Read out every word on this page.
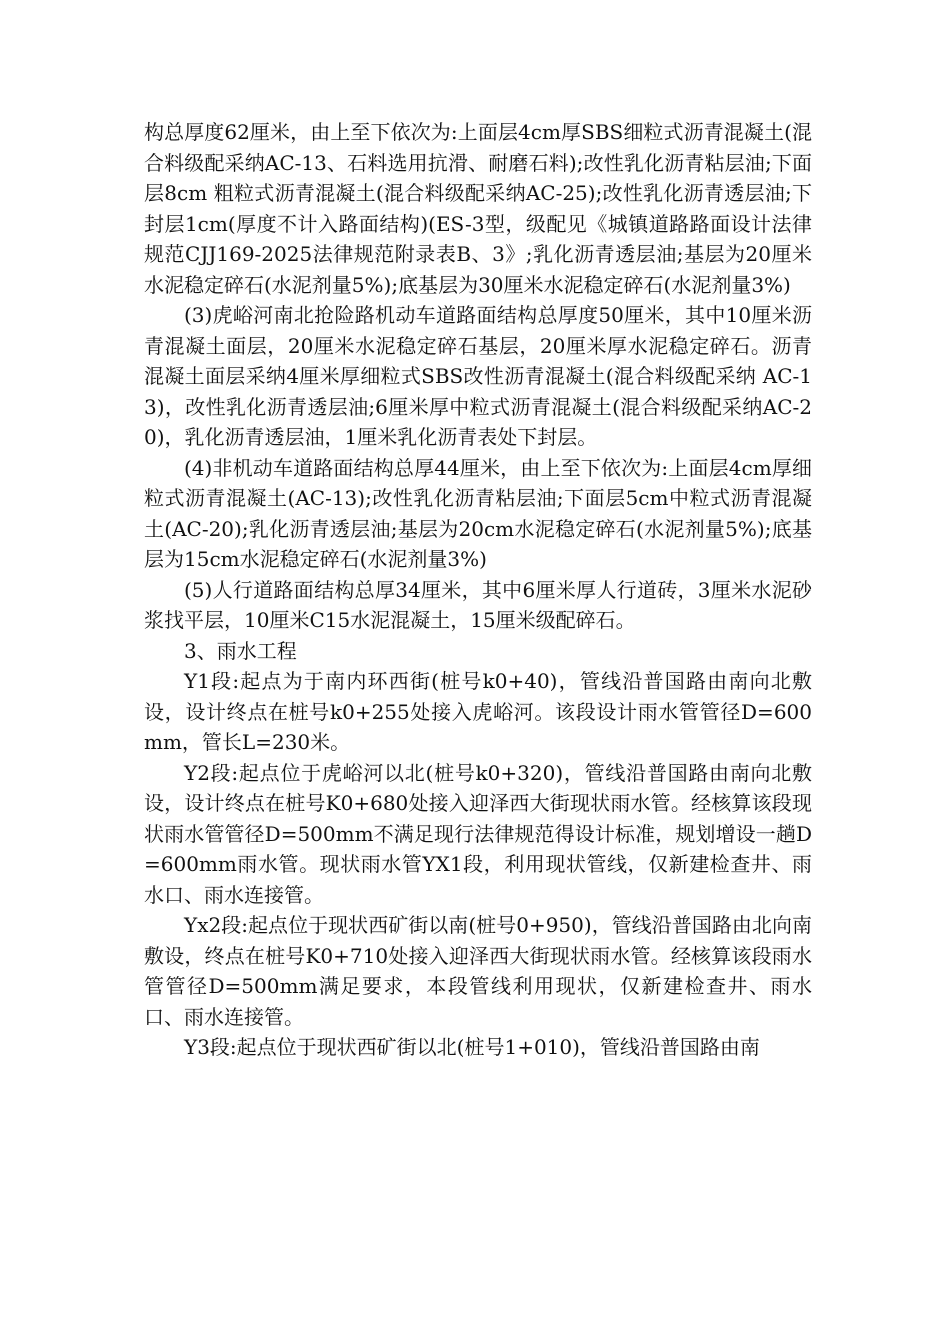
构总厚度62厘米，由上至下依次为:上面层4cm厚SBS细粒式沥青混凝土(混合料级配采纳AC-13、石料选用抗滑、耐磨石料);改性乳化沥青粘层油;下面层8cm 粗粒式沥青混凝土(混合料级配采纳AC-25);改性乳化沥青透层油;下封层1cm(厚度不计入路面结构)(ES-3型，级配见《城镇道路路面设计法律规范CJJ169-2025法律规范附录表B、3》;乳化沥青透层油;基层为20厘米水泥稳定碎石(水泥剂量5%);底基层为30厘米水泥稳定碎石(水泥剂量3%)

(3)虎峪河南北抢险路机动车道路面结构总厚度50厘米，其中10厘米沥青混凝土面层，20厘米水泥稳定碎石基层，20厘米厚水泥稳定碎石。沥青混凝土面层采纳4厘米厚细粒式SBS改性沥青混凝土(混合料级配采纳 AC-13)，改性乳化沥青透层油;6厘米厚中粒式沥青混凝土(混合料级配采纳AC-20)，乳化沥青透层油，1厘米乳化沥青表处下封层。

(4)非机动车道路面结构总厚44厘米，由上至下依次为:上面层4cm厚细粒式沥青混凝土(AC-13);改性乳化沥青粘层油;下面层5cm中粒式沥青混凝土(AC-20);乳化沥青透层油;基层为20cm水泥稳定碎石(水泥剂量5%);底基层为15cm水泥稳定碎石(水泥剂量3%)

(5)人行道路面结构总厚34厘米，其中6厘米厚人行道砖，3厘米水泥砂浆找平层，10厘米C15水泥混凝土，15厘米级配碎石。

3、雨水工程

Y1段:起点为于南内环西街(桩号k0+40)，管线沿普国路由南向北敷设，设计终点在桩号k0+255处接入虎峪河。该段设计雨水管管径D=600mm，管长L=230米。

Y2段:起点位于虎峪河以北(桩号k0+320)，管线沿普国路由南向北敷设，设计终点在桩号K0+680处接入迎泽西大街现状雨水管。经核算该段现状雨水管管径D=500mm不满足现行法律规范得设计标准，规划增设一趟D=600mm雨水管。现状雨水管YX1段，利用现状管线，仅新建检查井、雨水口、雨水连接管。

Yx2段:起点位于现状西矿街以南(桩号0+950)，管线沿普国路由北向南敷设，终点在桩号K0+710处接入迎泽西大街现状雨水管。经核算该段雨水管管径D=500mm满足要求，本段管线利用现状，仅新建检查井、雨水口、雨水连接管。

Y3段:起点位于现状西矿街以北(桩号1+010)，管线沿普国路由南
